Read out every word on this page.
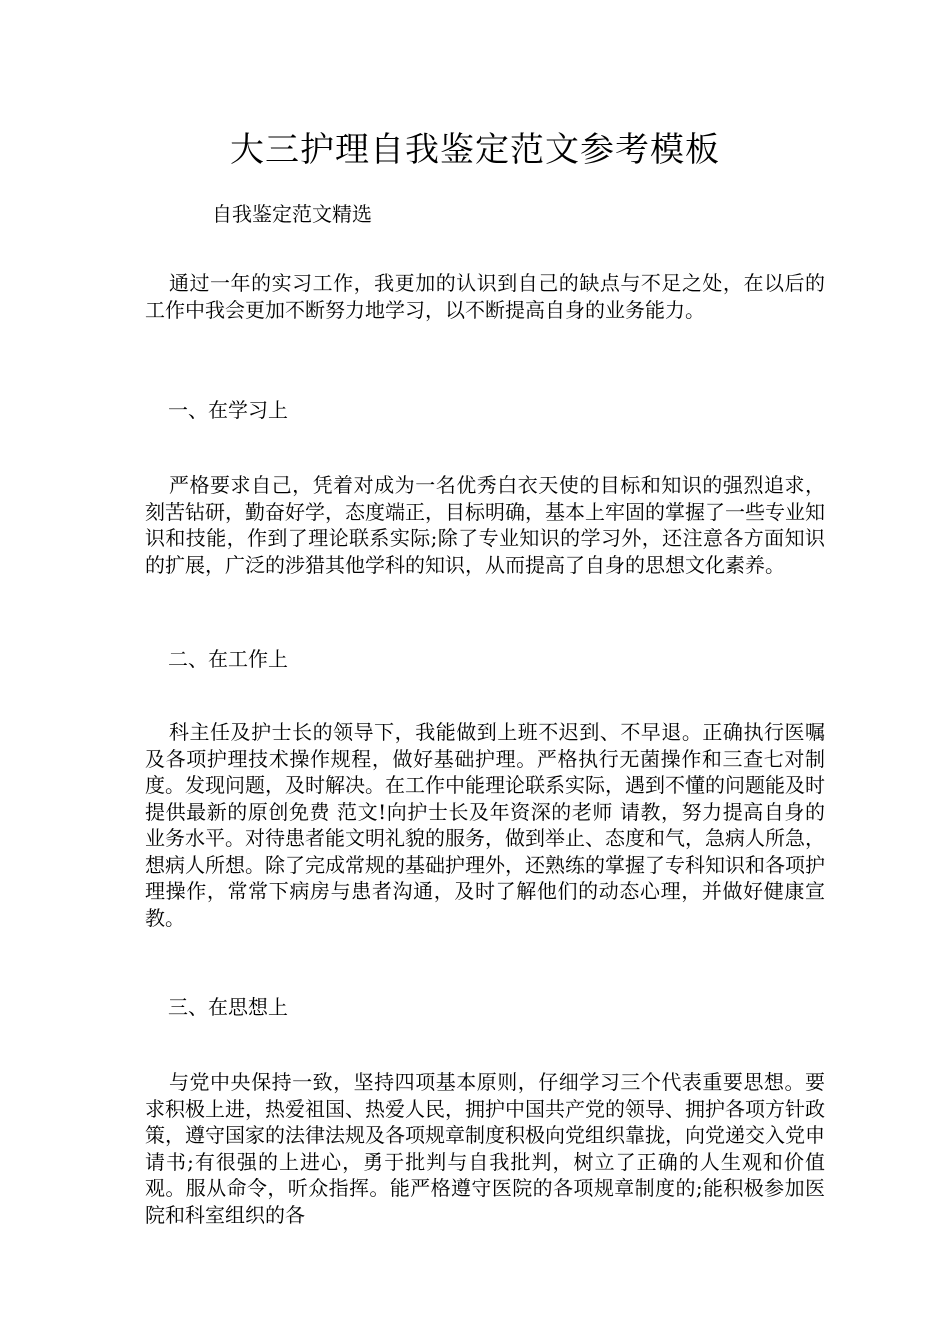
大三护理自我鉴定范文参考模板

自我鉴定范文精选

通过一年的实习工作，我更加的认识到自己的缺点与不足之处，在以后的工作中我会更加不断努力地学习，以不断提高自身的业务能力。

一、在学习上

严格要求自己，凭着对成为一名优秀白衣天使的目标和知识的强烈追求，刻苦钻研，勤奋好学，态度端正，目标明确，基本上牢固的掌握了一些专业知识和技能，作到了理论联系实际;除了专业知识的学习外，还注意各方面知识的扩展，广泛的涉猎其他学科的知识，从而提高了自身的思想文化素养。

二、在工作上

科主任及护士长的领导下，我能做到上班不迟到、不早退。正确执行医嘱及各项护理技术操作规程，做好基础护理。严格执行无菌操作和三查七对制度。发现问题，及时解决。在工作中能理论联系实际，遇到不懂的问题能及时提供最新的原创免费 范文!向护士长及年资深的老师 请教，努力提高自身的业务水平。对待患者能文明礼貌的服务，做到举止、态度和气，急病人所急，想病人所想。除了完成常规的基础护理外，还熟练的掌握了专科知识和各项护理操作，常常下病房与患者沟通，及时了解他们的动态心理，并做好健康宣教。

三、在思想上

与党中央保持一致，坚持四项基本原则，仔细学习三个代表重要思想。要求积极上进，热爱祖国、热爱人民，拥护中国共产党的领导、拥护各项方针政策，遵守国家的法律法规及各项规章制度积极向党组织靠拢，向党递交入党申请书;有很强的上进心，勇于批判与自我批判，树立了正确的人生观和价值观。服从命令，听众指挥。能严格遵守医院的各项规章制度的;能积极参加医院和科室组织的各
